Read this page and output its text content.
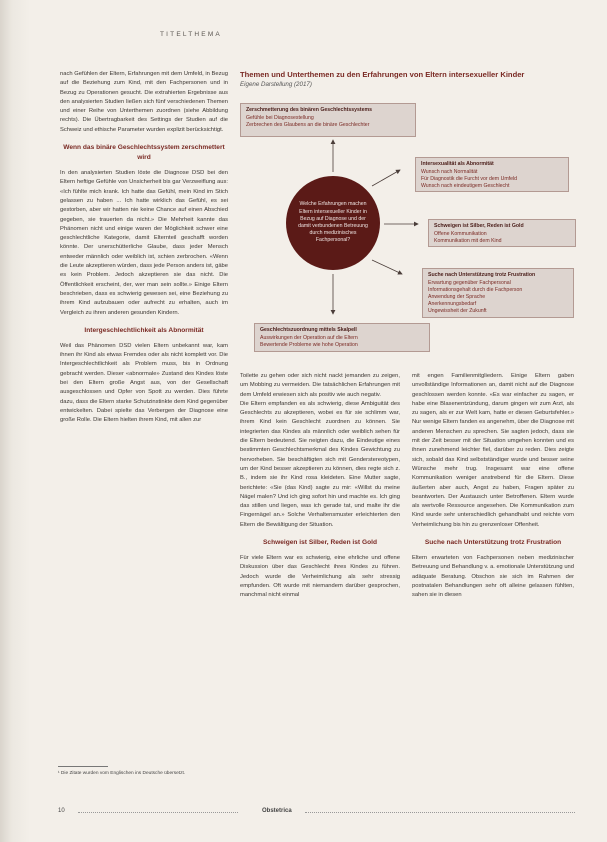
TITELTHEMA

nach Gefühlen der Eltern, Erfahrungen mit dem Umfeld, in Bezug auf die Beziehung zum Kind, mit den Fachpersonen und in Bezug zu Operationen gesucht. Die extrahierten Ergebnisse aus den analysierten Studien ließen sich fünf verschiedenen Themen und einer Reihe von Unterthemen zuordnen (siehe Abbildung rechts). Die Übertragbarkeit des Settings der Studien auf die Schweiz und ethische Parameter wurden explizit berücksichtigt.

Wenn das binäre Geschlechtssystem zerschmettert wird

In den analysierten Studien löste die Diagnose DSD bei den Eltern heftige Gefühle von Unsicherheit bis gar Verzweiflung aus: «Ich fühlte mich krank. Ich hatte das Gefühl, mein Kind im Stich gelassen zu haben ... Ich hatte wirklich das Gefühl, es sei gestorben, aber wir hatten nie keine Chance auf einen Abschied gegeben, sie trauerten da nicht.» Die Mehrheit kannte das Phänomen nicht und einige waren der Möglichkeit schwer eine geschlechtliche Kategorie, damit Elternteil geschafft worden könnte. Der unerschütterliche Glaube, dass jeder Mensch entweder männlich oder weiblich ist, schien zerbrochen. «Wenn die Leute akzeptieren würden, dass jede Person anders ist, gäbe es kein Problem. Jedoch akzeptieren sie das nicht. Die Öffentlichkeit erscheint, der, wer man sein sollte.» Einige Eltern beschrieben, dass es schwierig gewesen sei, eine Beziehung zu ihrem Kind aufzubauen oder aufrecht zu erhalten, auch im Vergleich zu ihren anderen gesunden Kindern.

Intergeschlechtlichkeit als Abnormität

Weil das Phänomen DSD vielen Eltern unbekannt war, kam ihnen ihr Kind als etwas Fremdes oder als nicht komplett vor. Die Intergeschlechtlichkeit als Problem muss, bis in Ordnung gebracht werden. Dieser «abnormale» Zustand des Kindes löste bei den Eltern große Angst aus, von der Gesellschaft ausgeschlossen und Opfer von Spott zu werden. Dies führte dazu, dass die Eltern starke Schutzinstinkte dem Kind gegenüber entwickelten. Dabei spielte das Verbergen der Diagnose eine große Rolle. Die Eltern hielten ihrem Kind, mit allen zur

Themen und Unterthemen zu den Erfahrungen von Eltern intersexueller Kinder
Eigene Darstellung (2017)
Zerschmetterung des binären Geschlechtssystems
Gefühle bei Diagnosestellung
Zerbrechen des Glaubens an die binäre Geschlechter
Welche Erfahrungen machen Eltern intersexueller Kinder in Bezug auf Diagnose und der damit verbundenen Betreuung durch medizinisches Fachpersonal?
Intersexualität als Abnormität
Wunsch nach Normalität
Für Diagnostik die Furcht vor dem Umfeld
Wunsch nach eindeutigem Geschlecht
Schweigen ist Silber, Reden ist Gold
Offene Kommunikation
Kommunikation mit dem Kind
Suche nach Unterstützung trotz Frustration
Erwartung gegenüber Fachpersonal
Informationsgehalt durch die Fachperson
Anwendung der Sprache
Anerkennungsbedarf
Ungewissheit der Zukunft
Geschlechtszuordnung mittels Skalpell
Auswirkungen der Operation auf die Eltern
Bewertende Probleme wie hohe Operation

Toilette zu gehen oder sich nicht nackt jemanden zu zeigen, um Mobbing zu vermeiden. Die tatsächlichen Erfahrungen mit dem Umfeld erwiesen sich als positiv wie auch negativ.

Die Eltern empfanden es als schwierig, diese Ambiguität des Geschlechts zu akzeptieren, wobei es für sie schlimm war, ihrem Kind kein Geschlecht zuordnen zu können. Sie integrierten das Kindes als männlich oder weiblich sehen für die Eltern bedeutend. Sie neigten dazu, die Eindeutige eines bestimmten Geschlechtsmerkmal des Kindes Gewichtung zu hervorheben. Sie beschäftigten sich mit Genderstereotypen, um der Kind besser akzeptieren zu können, dies regte sich z. B., indem sie ihr Kind rosa kleideten. Eine Mutter sagte, berichtete: «Sie (das Kind) sagte zu mir: «Willst du meine Nägel malen? Und ich ging sofort hin und machte es. Ich ging das stillen und liegen, was ich gerade tat, und malte ihr die Fingernägel an.» Solche Verhaltensmuster erleichterten den Eltern die Bewältigung der Situation.

Schweigen ist Silber, Reden ist Gold

Für viele Eltern war es schwierig, eine ehrliche und offene Diskussion über das Geschlecht ihres Kindes zu führen. Jedoch wurde die Verheimlichung als sehr stressig empfunden. Oft wurde mit niemandem darüber gesprochen, manchmal nicht einmal

mit engen Familienmitgliedern. Einige Eltern gaben unvollständige Informationen an, damit nicht auf die Diagnose geschlossen werden konnte. «Es war einfacher zu sagen, er habe eine Blasenentzündung, darum gingen wir zum Arzt, als zu sagen, als er zur Welt kam, hatte er diesen Geburtsfehler.» Nur wenige Eltern fanden es angenehm, über die Diagnose mit anderen Menschen zu sprechen. Sie sagten jedoch, dass sie mit der Zeit besser mit der Situation umgehen konnten und es ihnen zunehmend leichter fiel, darüber zu reden. Dies zeigte sich, sobald das Kind selbstständiger wurde und besser seine Wünsche mehr trug. Insgesamt war eine offene Kommunikation weniger anstrebend für die Eltern. Diese äußerten aber auch, Angst zu haben, Fragen später zu beantworten. Der Austausch unter Betroffenen. Eltern wurde als wertvolle Ressource angesehen. Die Kommunikation zum Kind wurde sehr unterschiedlich gehandhabt und reichte vom Verheimlichung bis hin zu grenzenloser Offenheit.

Suche nach Unterstützung trotz Frustration

Eltern erwarteten von Fachpersonen neben medizinischer Betreuung und Behandlung v. a. emotionale Unterstützung und adäquate Beratung. Obschon sie sich im Rahmen der postnatalen Behandlungen sehr oft alleine gelassen fühlten, sahen sie in diesen

¹ Die Zitate wurden vom Englischen ins Deutsche übersetzt.
10	Obstetrica
